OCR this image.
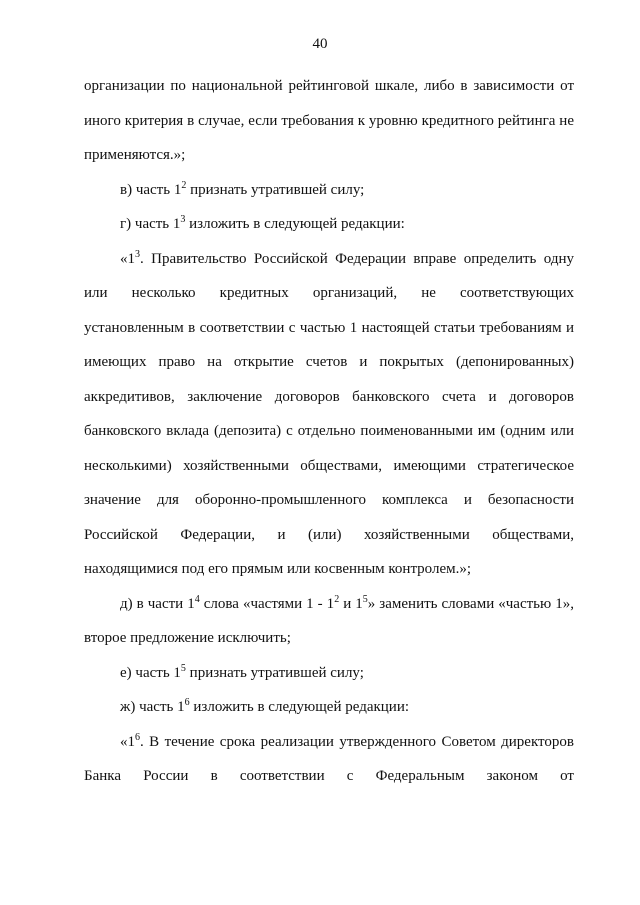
40

организации по национальной рейтинговой шкале, либо в зависимости от иного критерия в случае, если требования к уровню кредитного рейтинга не применяются.»;

в) часть $1^2$ признать утратившей силу;

г) часть $1^3$ изложить в следующей редакции:

«$1^3$. Правительство Российской Федерации вправе определить одну или несколько кредитных организаций, не соответствующих установленным в соответствии с частью 1 настоящей статьи требованиям и имеющих право на открытие счетов и покрытых (депонированных) аккредитивов, заключение договоров банковского счета и договоров банковского вклада (депозита) с отдельно поименованными им (одним или несколькими) хозяйственными обществами, имеющими стратегическое значение для оборонно-промышленного комплекса и безопасности Российской Федерации, и (или) хозяйственными обществами, находящимися под его прямым или косвенным контролем.»;

д) в части $1^4$ слова «частями $1 - 1^2$ и $1^5$» заменить словами «частью 1», второе предложение исключить;

е) часть $1^5$ признать утратившей силу;

ж) часть $1^6$ изложить в следующей редакции:

«$1^6$. В течение срока реализации утвержденного Советом директоров Банка России в соответствии с Федеральным законом от
